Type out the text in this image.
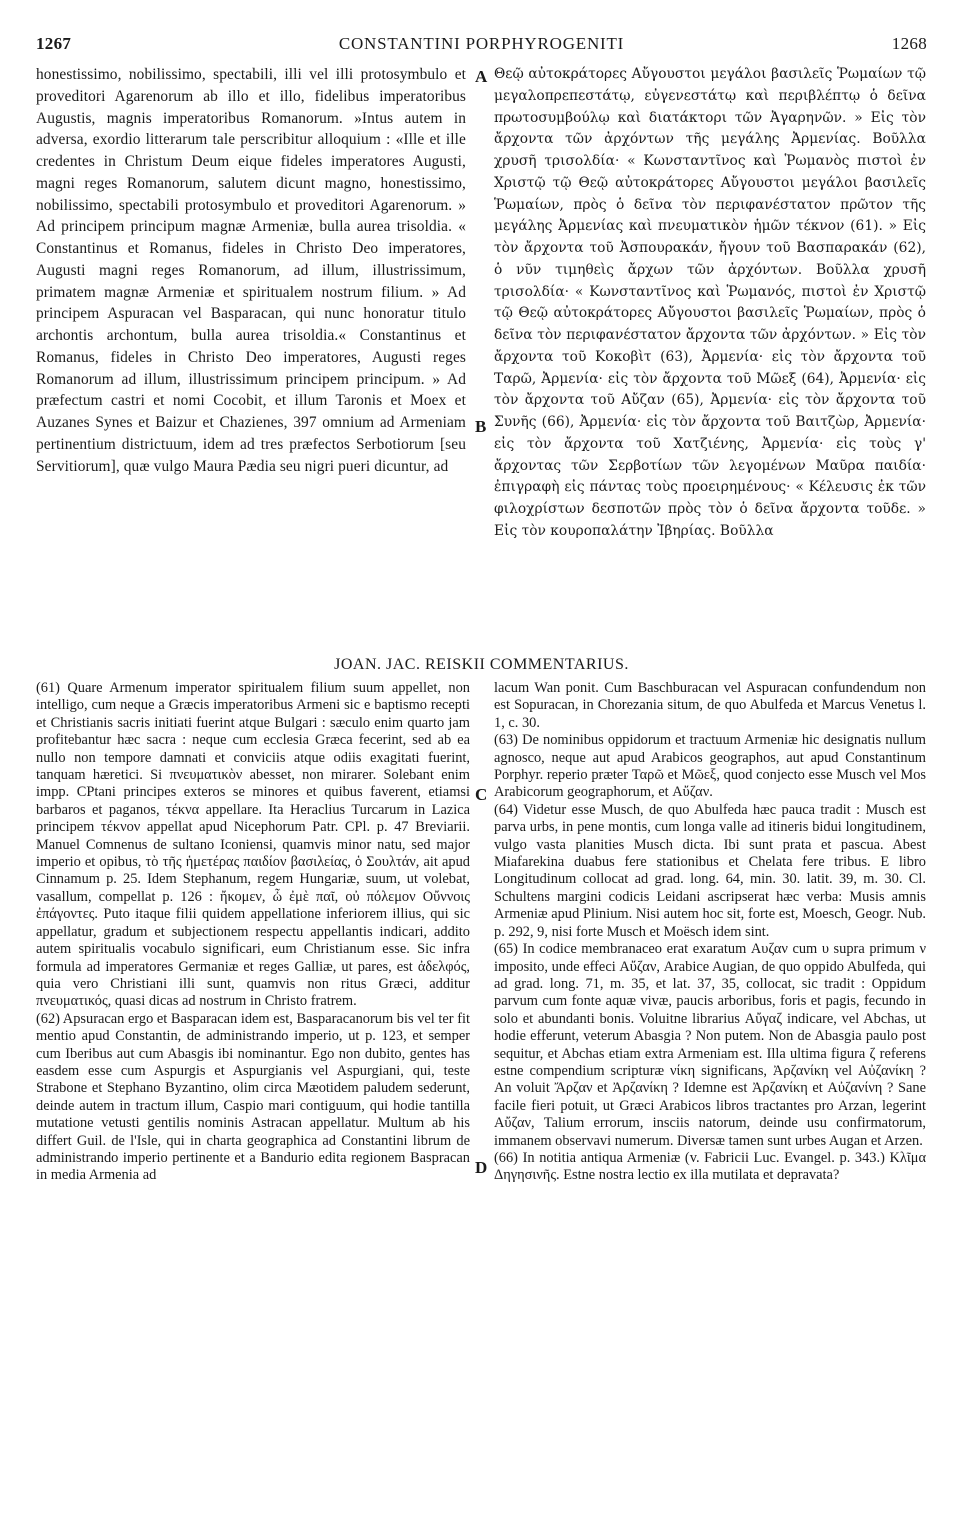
1267	CONSTANTINI PORPHYROGENITI	1268

honestissimo, nobilissimo, spectabili, illi vel illi protosymbulo et proveditori Agarenorum ab illo et illo, fidelibus imperatoribus Augustis, magnis imperatoribus Romanorum. »Intus autem in adversa, exordio litterarum tale perscribitur alloquium : «Ille et ille credentes in Christum Deum eique fideles imperatores Augusti, magni reges Romanorum, salutem dicunt magno, honestissimo, nobilissimo, spectabili protosymbulo et proveditori Agarenorum. » Ad principem principum magnæ Armeniæ, bulla aurea trisoldia. « Constantinus et Romanus, fideles in Christo Deo imperatores, Augusti magni reges Romanorum, ad illum, illustrissimum, primatem magnæ Armeniæ et spiritualem nostrum filium. » Ad principem Aspuracan vel Basparacan, qui nunc honoratur titulo archontis archontum, bulla aurea trisoldia.« Constantinus et Romanus, fideles in Christo Deo imperatores, Augusti reges Romanorum ad illum, illustrissimum principem principum. » Ad præfectum castri et nomi Cocobit, et illum Taronis et Moex et Auzanes Synes et Baizur et Chazienes, 397 omnium ad Armeniam pertinentium districtuum, idem ad tres præfectos Serbotiorum [seu Servitiorum], quæ vulgo Maura Pædia seu nigri pueri dicuntur, ad

Θεῷ αὐτοκράτορες Αὔγουστοι μεγάλοι βασιλεῖς Ῥωμαίων τῷ μεγαλοπρεπεστάτῳ, εὐγενεστάτῳ καὶ περιβλέπτῳ ὁ δεῖνα πρωτοσυμβούλῳ καὶ διατάκτορι τῶν Ἀγαρηνῶν. » Εἰς τὸν ἄρχοντα τῶν ἀρχόντων τῆς μεγάλης Ἀρμενίας. Βοῦλλα χρυσῆ τρισολδία· « Κωνσταντῖνος καὶ Ῥωμανὸς πιστοὶ ἐν Χριστῷ τῷ Θεῷ αὐτοκράτορες Αὔγουστοι μεγάλοι βασιλεῖς Ῥωμαίων, πρὸς ὁ δεῖνα τὸν περιφανέστατον πρῶτον τῆς μεγάλης Ἀρμενίας καὶ πνευματικὸν ἡμῶν τέκνον (61). » Εἰς τὸν ἄρχοντα τοῦ Ἀσπουρακάν, ἤγουν τοῦ Βασπαρακάν (62), ὁ νῦν τιμηθεὶς ἄρχων τῶν ἀρχόντων. Βοῦλλα χρυσῆ τρισολδία· « Κωνσταντῖνος καὶ Ῥωμανός, πιστοὶ ἐν Χριστῷ τῷ Θεῷ αὐτοκράτορες Αὔγουστοι βασιλεῖς Ῥωμαίων, πρὸς ὁ δεῖνα τὸν περιφανέστατον ἄρχοντα τῶν ἀρχόντων. » Εἰς τὸν ἄρχοντα τοῦ Κοκοβὶτ (63), Ἀρμενία· εἰς τὸν ἄρχοντα τοῦ Ταρῶ, Ἀρμενία· εἰς τὸν ἄρχοντα τοῦ Μῶεξ (64), Ἀρμενία· εἰς τὸν ἄρχοντα τοῦ Αὔζαν (65), Ἀρμενία· εἰς τὸν ἄρχοντα τοῦ Συνῆς (66), Ἀρμενία· εἰς τὸν ἄρχοντα τοῦ Βαιτζὼρ, Ἀρμενία· εἰς τὸν ἄρχοντα τοῦ Χατζιένης, Ἀρμενία· εἰς τοὺς γ' ἄρχοντας τῶν Σερβοτίων τῶν λεγομένων Μαῦρα παιδία· ἐπιγραφὴ εἰς πάντας τοὺς προειρημένους· « Κέλευσις ἐκ τῶν φιλοχρίστων δεσποτῶν πρὸς τὸν ὁ δεῖνα ἄρχοντα τοῦδε. » Εἰς τὸν κουροπαλάτην Ἰβηρίας. Βοῦλλα

A
B
C
D
JOAN. JAC. REISKII COMMENTARIUS.

(61) Quare Armenum imperator spiritualem filium suum appellet, non intelligo, cum neque a Græcis imperatoribus Armeni sic e baptismo recepti et Christianis sacris initiati fuerint atque Bulgari : sæculo enim quarto jam profitebantur hæc sacra : neque cum ecclesia Græca fecerint, sed ab ea nullo non tempore damnati et conviciis atque odiis exagitati fuerint, tanquam hæretici. Si πνευματικὸν abesset, non mirarer. Solebant enim impp. CPtani principes exteros se minores et quibus faverent, etiamsi barbaros et paganos, τέκνα appellare. Ita Heraclius Turcarum in Lazica principem τέκνον appellat apud Nicephorum Patr. CPl. p. 47 Breviarii. Manuel Comnenus de sultano Iconiensi, quamvis minor natu, sed major imperio et opibus, τὸ τῆς ἡμετέρας παιδίον βασιλείας, ὁ Σουλτάν, ait apud Cinnamum p. 25. Idem Stephanum, regem Hungariæ, suum, ut volebat, vasallum, compellat p. 126 : ἤκομεν, ὦ ἐμὲ παῖ, οὐ πόλεμον Οὔννοις ἐπάγοντες. Puto itaque filii quidem appellatione inferiorem illius, qui sic appellatur, gradum et subjectionem respectu appellantis indicari, addito autem spiritualis vocabulo significari, eum Christianum esse. Sic infra formula ad imperatores Germaniæ et reges Galliæ, ut pares, est ἀδελφός, quia vero Christiani illi sunt, quamvis non ritus Græci, additur πνευματικός, quasi dicas ad nostrum in Christo fratrem.

(62) Apsuracan ergo et Basparacan idem est, Basparacanorum bis vel ter fit mentio apud Constantin, de administrando imperio, ut p. 123, et semper cum Iberibus aut cum Abasgis ibi nominantur. Ego non dubito, gentes has easdem esse cum Aspurgis et Aspurgianis vel Aspurgiani, qui, teste Strabone et Stephano Byzantino, olim circa Mæotidem paludem sederunt, deinde autem in tractum illum, Caspio mari contiguum, qui hodie tantilla mutatione vetusti gentilis nominis Astracan appellatur. Multum ab his differt Guil. de l'Isle, qui in charta geographica ad Constantini librum de administrando imperio pertinente et a Bandurio edita regionem Baspracan in media Armenia ad

lacum Wan ponit. Cum Baschburacan vel Aspuracan confundendum non est Sopuracan, in Chorezania situm, de quo Abulfeda et Marcus Venetus l. 1, c. 30.

(63) De nominibus oppidorum et tractuum Armeniæ hic designatis nullum agnosco, neque aut apud Arabicos geographos, aut apud Constantinum Porphyr. reperio præter Ταρῶ et Μῶεξ, quod conjecto esse Musch vel Mos Arabicorum geographorum, et Αὔζαν.

(64) Videtur esse Musch, de quo Abulfeda hæc pauca tradit : Musch est parva urbs, in pene montis, cum longa valle ad itineris bidui longitudinem, vulgo vasta planities Musch dicta. Ibi sunt prata et pascua. Abest Miafarekina duabus fere stationibus et Chelata fere tribus. E libro Longitudinum collocat ad grad. long. 64, min. 30. latit. 39, m. 30. Cl. Schultens margini codicis Leidani ascripserat hæc verba: Musis amnis Armeniæ apud Plinium. Nisi autem hoc sit, forte est, Moesch, Geogr. Nub. p. 292, 9, nisi forte Musch et Moësch idem sint.

(65) In codice membranaceo erat exaratum Αυζαν cum υ supra primum ν imposito, unde effeci Αὔζαν, Arabice Augian, de quo oppido Abulfeda, qui ad grad. long. 71, m. 35, et lat. 37, 35, collocat, sic tradit : Oppidum parvum cum fonte aquæ vivæ, paucis arboribus, foris et pagis, fecundo in solo et abundanti bonis. Voluitne librarius Αὔγαζ indicare, vel Abchas, ut hodie efferunt, veterum Abasgia ? Non putem. Non de Abasgia paulo post sequitur, et Abchas etiam extra Armeniam est. Illa ultima figura ζ referens estne compendium scripturæ νίκη significans, Ἀρζανίκη vel Αὐζανίκη ? An voluit Ἄρζαν et Ἀρζανίκη ? Idemne est Ἀρζανίκη et Αὐζανίνη ? Sane facile fieri potuit, ut Græci Arabicos libros tractantes pro Arzan, legerint Αὔζαν, Talium errorum, insciis natorum, deinde usu confirmatorum, immanem observavi numerum. Diversæ tamen sunt urbes Augan et Arzen.

(66) In notitia antiqua Armeniæ (v. Fabricii Luc. Evangel. p. 343.) Κλῖμα Δηγησινῆς. Estne nostra lectio ex illa mutilata et depravata?
